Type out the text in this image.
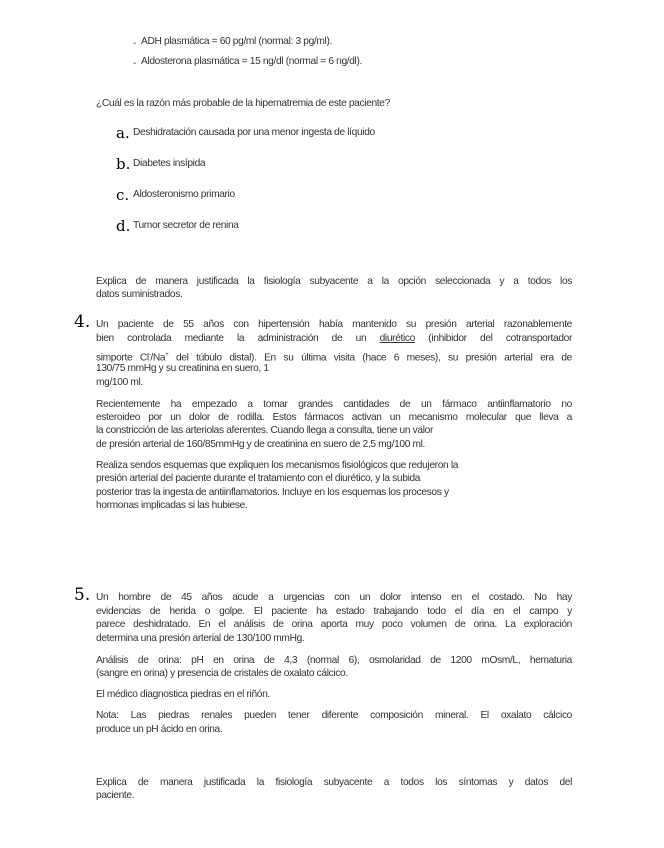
- ADH plasmática = 60 pg/ml (normal: 3 pg/ml).
- Aldosterona plasmática = 15 ng/dl (normal = 6 ng/dl).
¿Cuál es la razón más probable de la hipernatremia de este paciente?
a. Deshidratación causada por una menor ingesta de líquido
b. Diabetes insípida
c. Aldosteronismo primario
d. Tumor secretor de renina
Explica de manera justificada la fisiología subyacente a la opción seleccionada y a todos los
datos suministrados.
4. Un paciente de 55 años con hipertensión había mantenido su presión arterial razonablemente
bien controlada mediante la administración de un diurético (inhibidor del cotransportador
simporte Cl-/Na+ del túbulo distal). En su última visita (hace 6 meses), su presión arterial era de
130/75 mmHg y su creatinina en suero, 1
mg/100 ml.
Recientemente ha empezado a tomar grandes cantidades de un fármaco antiinflamatorio no
esteroideo por un dolor de rodilla. Estos fármacos activan un mecanismo molecular que lleva a
la constricción de las arteriolas aferentes. Cuando llega a consulta, tiene un valor
de presión arterial de 160/85mmHg y de creatinina en suero de 2,5 mg/100 ml.
Realiza sendos esquemas que expliquen los mecanismos fisiológicos que redujeron la
presión arterial del paciente durante el tratamiento con el diurético, y la subida
posterior tras la ingesta de antiinflamatorios. Incluye en los esquemas los procesos y
hormonas implicadas si las hubiese.
5. Un hombre de 45 años acude a urgencias con un dolor intenso en el costado. No hay
evidencias de herida o golpe. El paciente ha estado trabajando todo el día en el campo y
parece deshidratado. En el análisis de orina aporta muy poco volumen de orina. La exploración
determina una presión arterial de 130/100 mmHg.
Análisis de orina: pH en orina de 4,3 (normal 6), osmolaridad de 1200 mOsm/L, hematuria
(sangre en orina) y presencia de cristales de oxalato cálcico.
El médico diagnostica piedras en el riñón.
Nota: Las piedras renales pueden tener diferente composición mineral. El oxalato cálcico
produce un pH ácido en orina.
Explica de manera justificada la fisiología subyacente a todos los síntomas y datos del
paciente.
